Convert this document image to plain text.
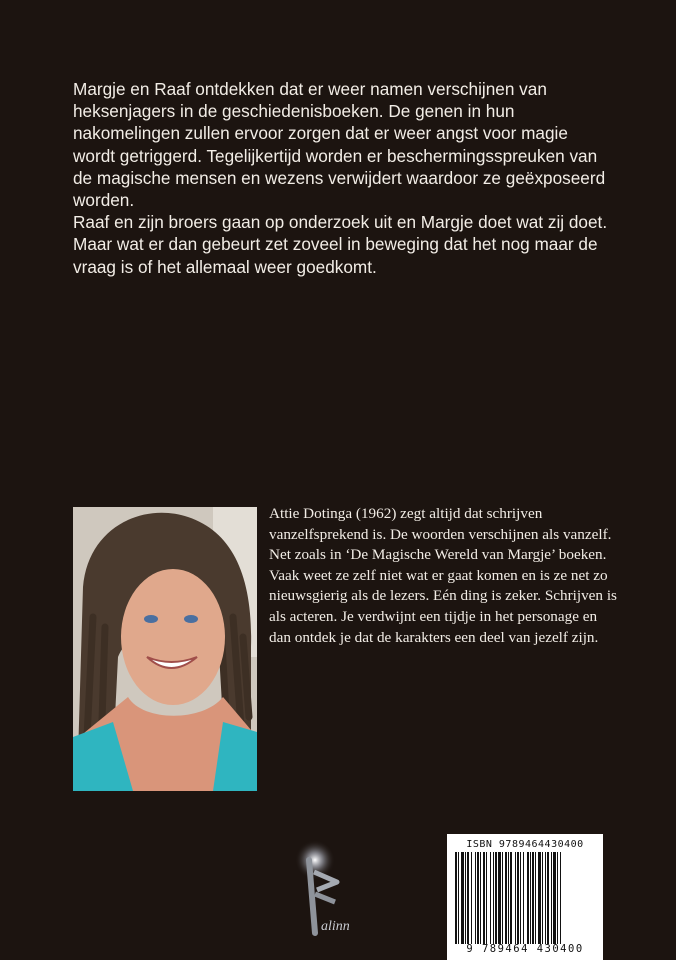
Margje en Raaf ontdekken dat er weer namen verschijnen van heksenjagers in de geschiedenisboeken. De genen in hun nakomelingen zullen ervoor zorgen dat er weer angst voor magie wordt getriggerd. Tegelijkertijd worden er beschermingsspreuken van de magische mensen en wezens verwijdert waardoor ze geëxposeerd worden.

Raaf en zijn broers gaan op onderzoek uit en Margje doet wat zij doet. Maar wat er dan gebeurt zet zoveel in beweging dat het nog maar de vraag is of het allemaal weer goedkomt.

Attie Dotinga (1962) zegt altijd dat schrijven vanzelfsprekend is. De woorden verschijnen als vanzelf. Net zoals in ‘De Magische Wereld van Margje’ boeken. Vaak weet ze zelf niet wat er gaat komen en is ze net zo nieuwsgierig als de lezers. Eén ding is zeker. Schrijven is als acteren. Je verdwijnt een tijdje in het personage en dan ontdek je dat de karakters een deel van jezelf zijn.

alinn
ISBN 9789464430400
9 789464 430400
